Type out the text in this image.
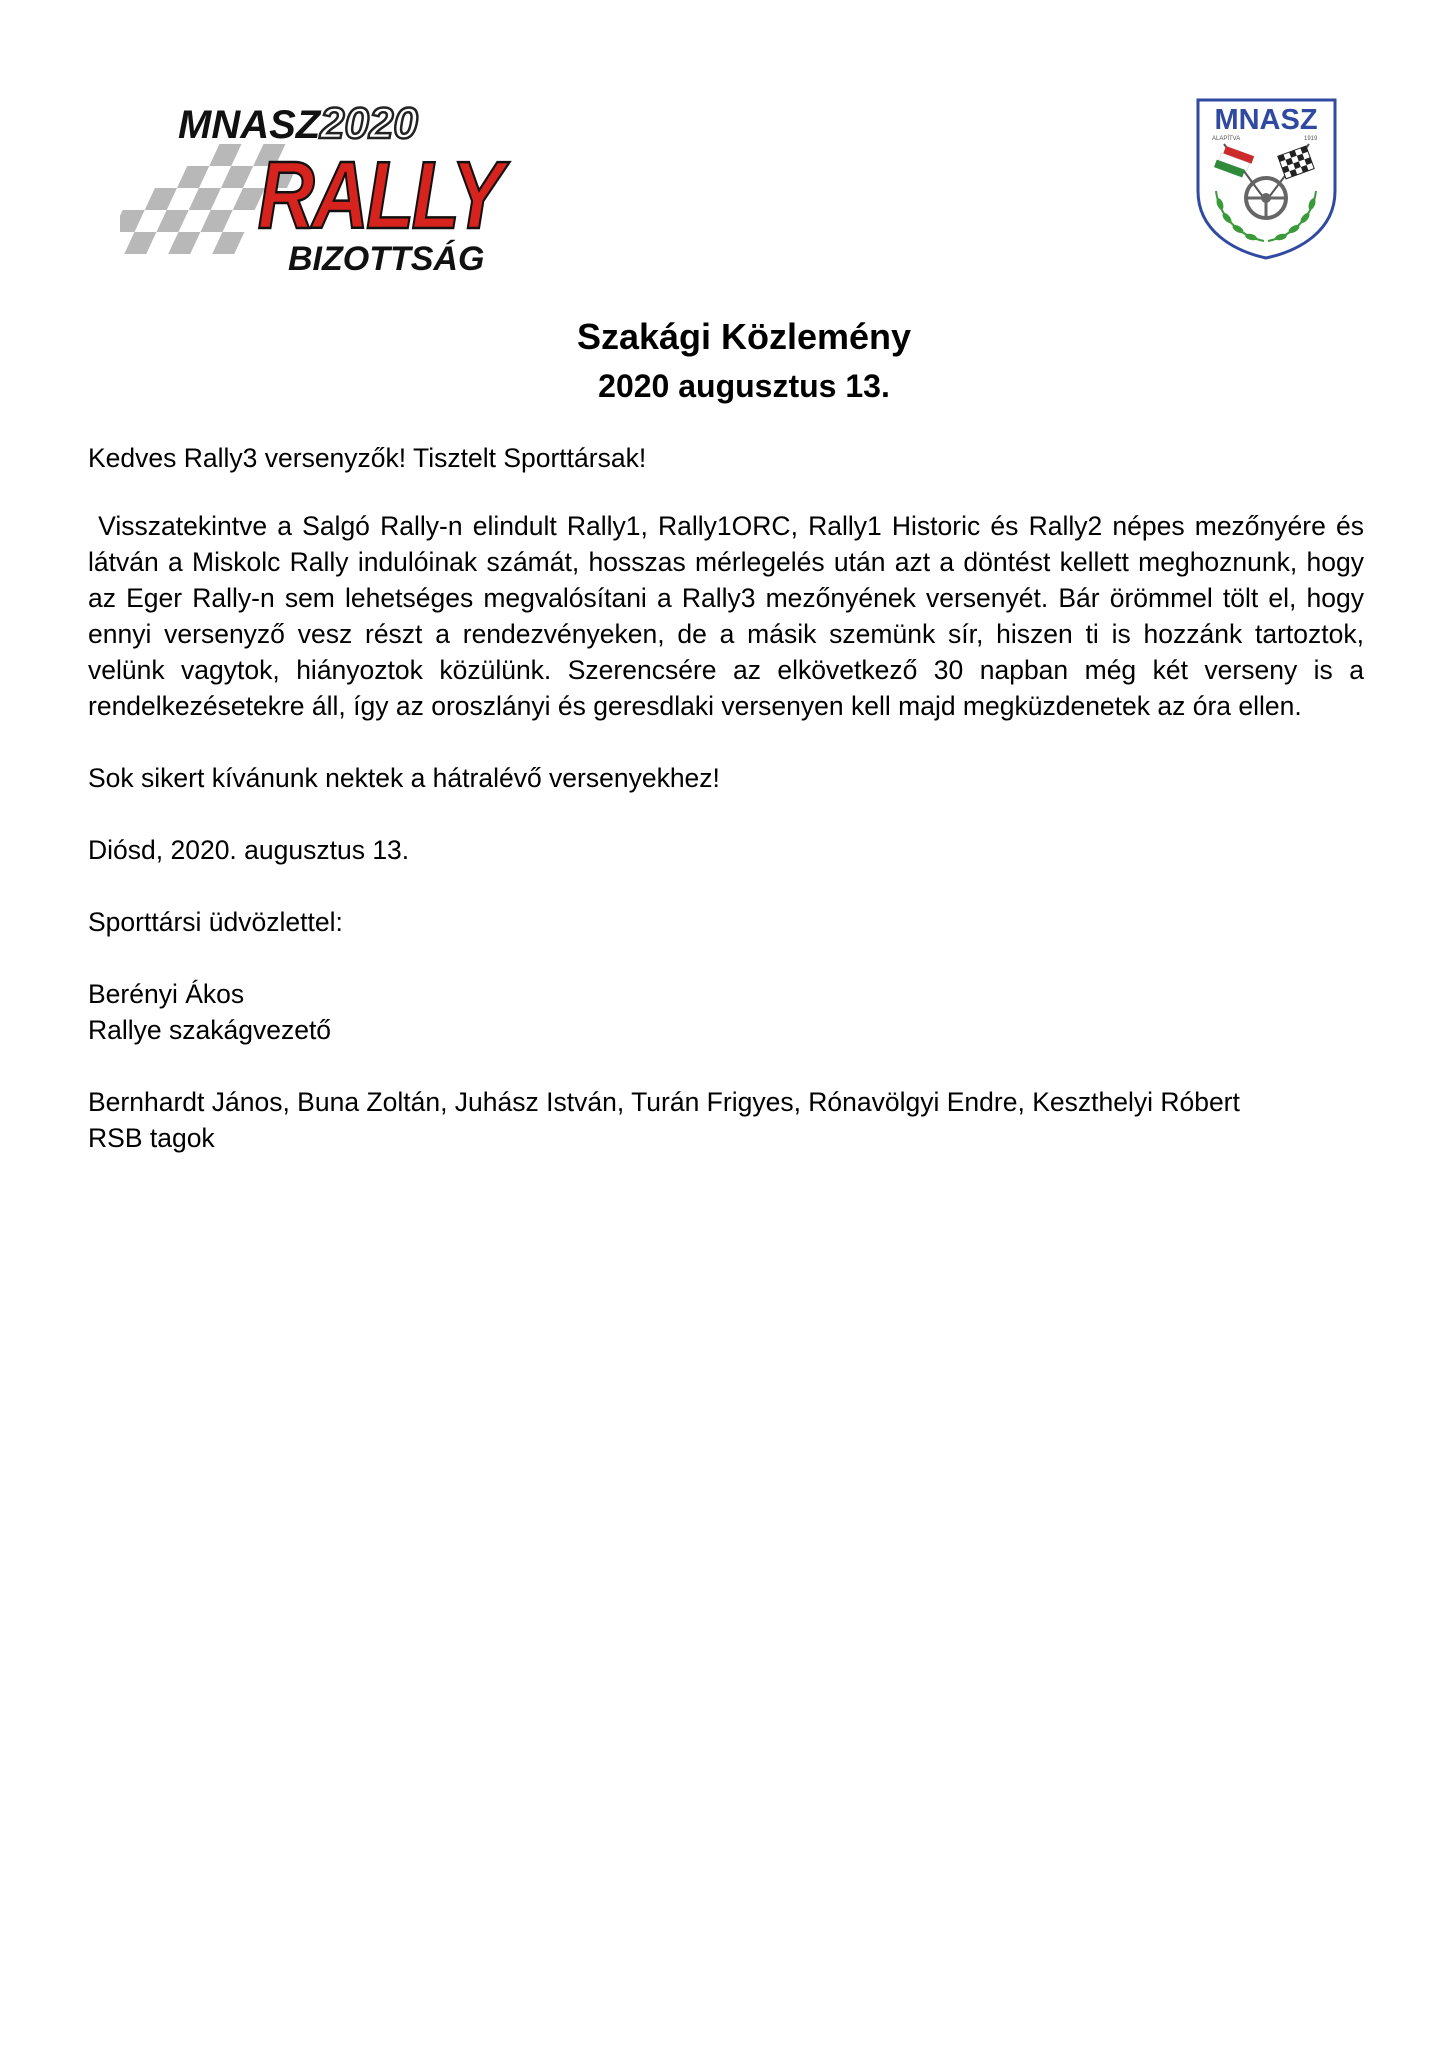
MNASZ 2020
RALLY
BIZOTTSÁG
MNASZ
ALAPÍTVA	1919
Szakági Közlemény
2020 augusztus 13.
Kedves Rally3 versenyzők! Tisztelt Sporttársak!
Visszatekintve a Salgó Rally-n elindult Rally1, Rally1ORC, Rally1 Historic és Rally2 népes mezőnyére és látván a Miskolc Rally indulóinak számát, hosszas mérlegelés után azt a döntést kellett meghoznunk, hogy az Eger Rally-n sem lehetséges megvalósítani a Rally3 mezőnyének versenyét. Bár örömmel tölt el, hogy ennyi versenyző vesz részt a rendezvényeken, de a másik szemünk sír, hiszen ti is hozzánk tartoztok, velünk vagytok, hiányoztok közülünk. Szerencsére az elkövetkező 30 napban még két verseny is a rendelkezésetekre áll, így az oroszlányi és geresdlaki versenyen kell majd megküzdenetek az óra ellen.
Sok sikert kívánunk nektek a hátralévő versenyekhez!
Diósd, 2020. augusztus 13.
Sporttársi üdvözlettel:
Berényi Ákos
Rallye szakágvezető
Bernhardt János, Buna Zoltán, Juhász István, Turán Frigyes, Rónavölgyi Endre, Keszthelyi Róbert
RSB tagok
